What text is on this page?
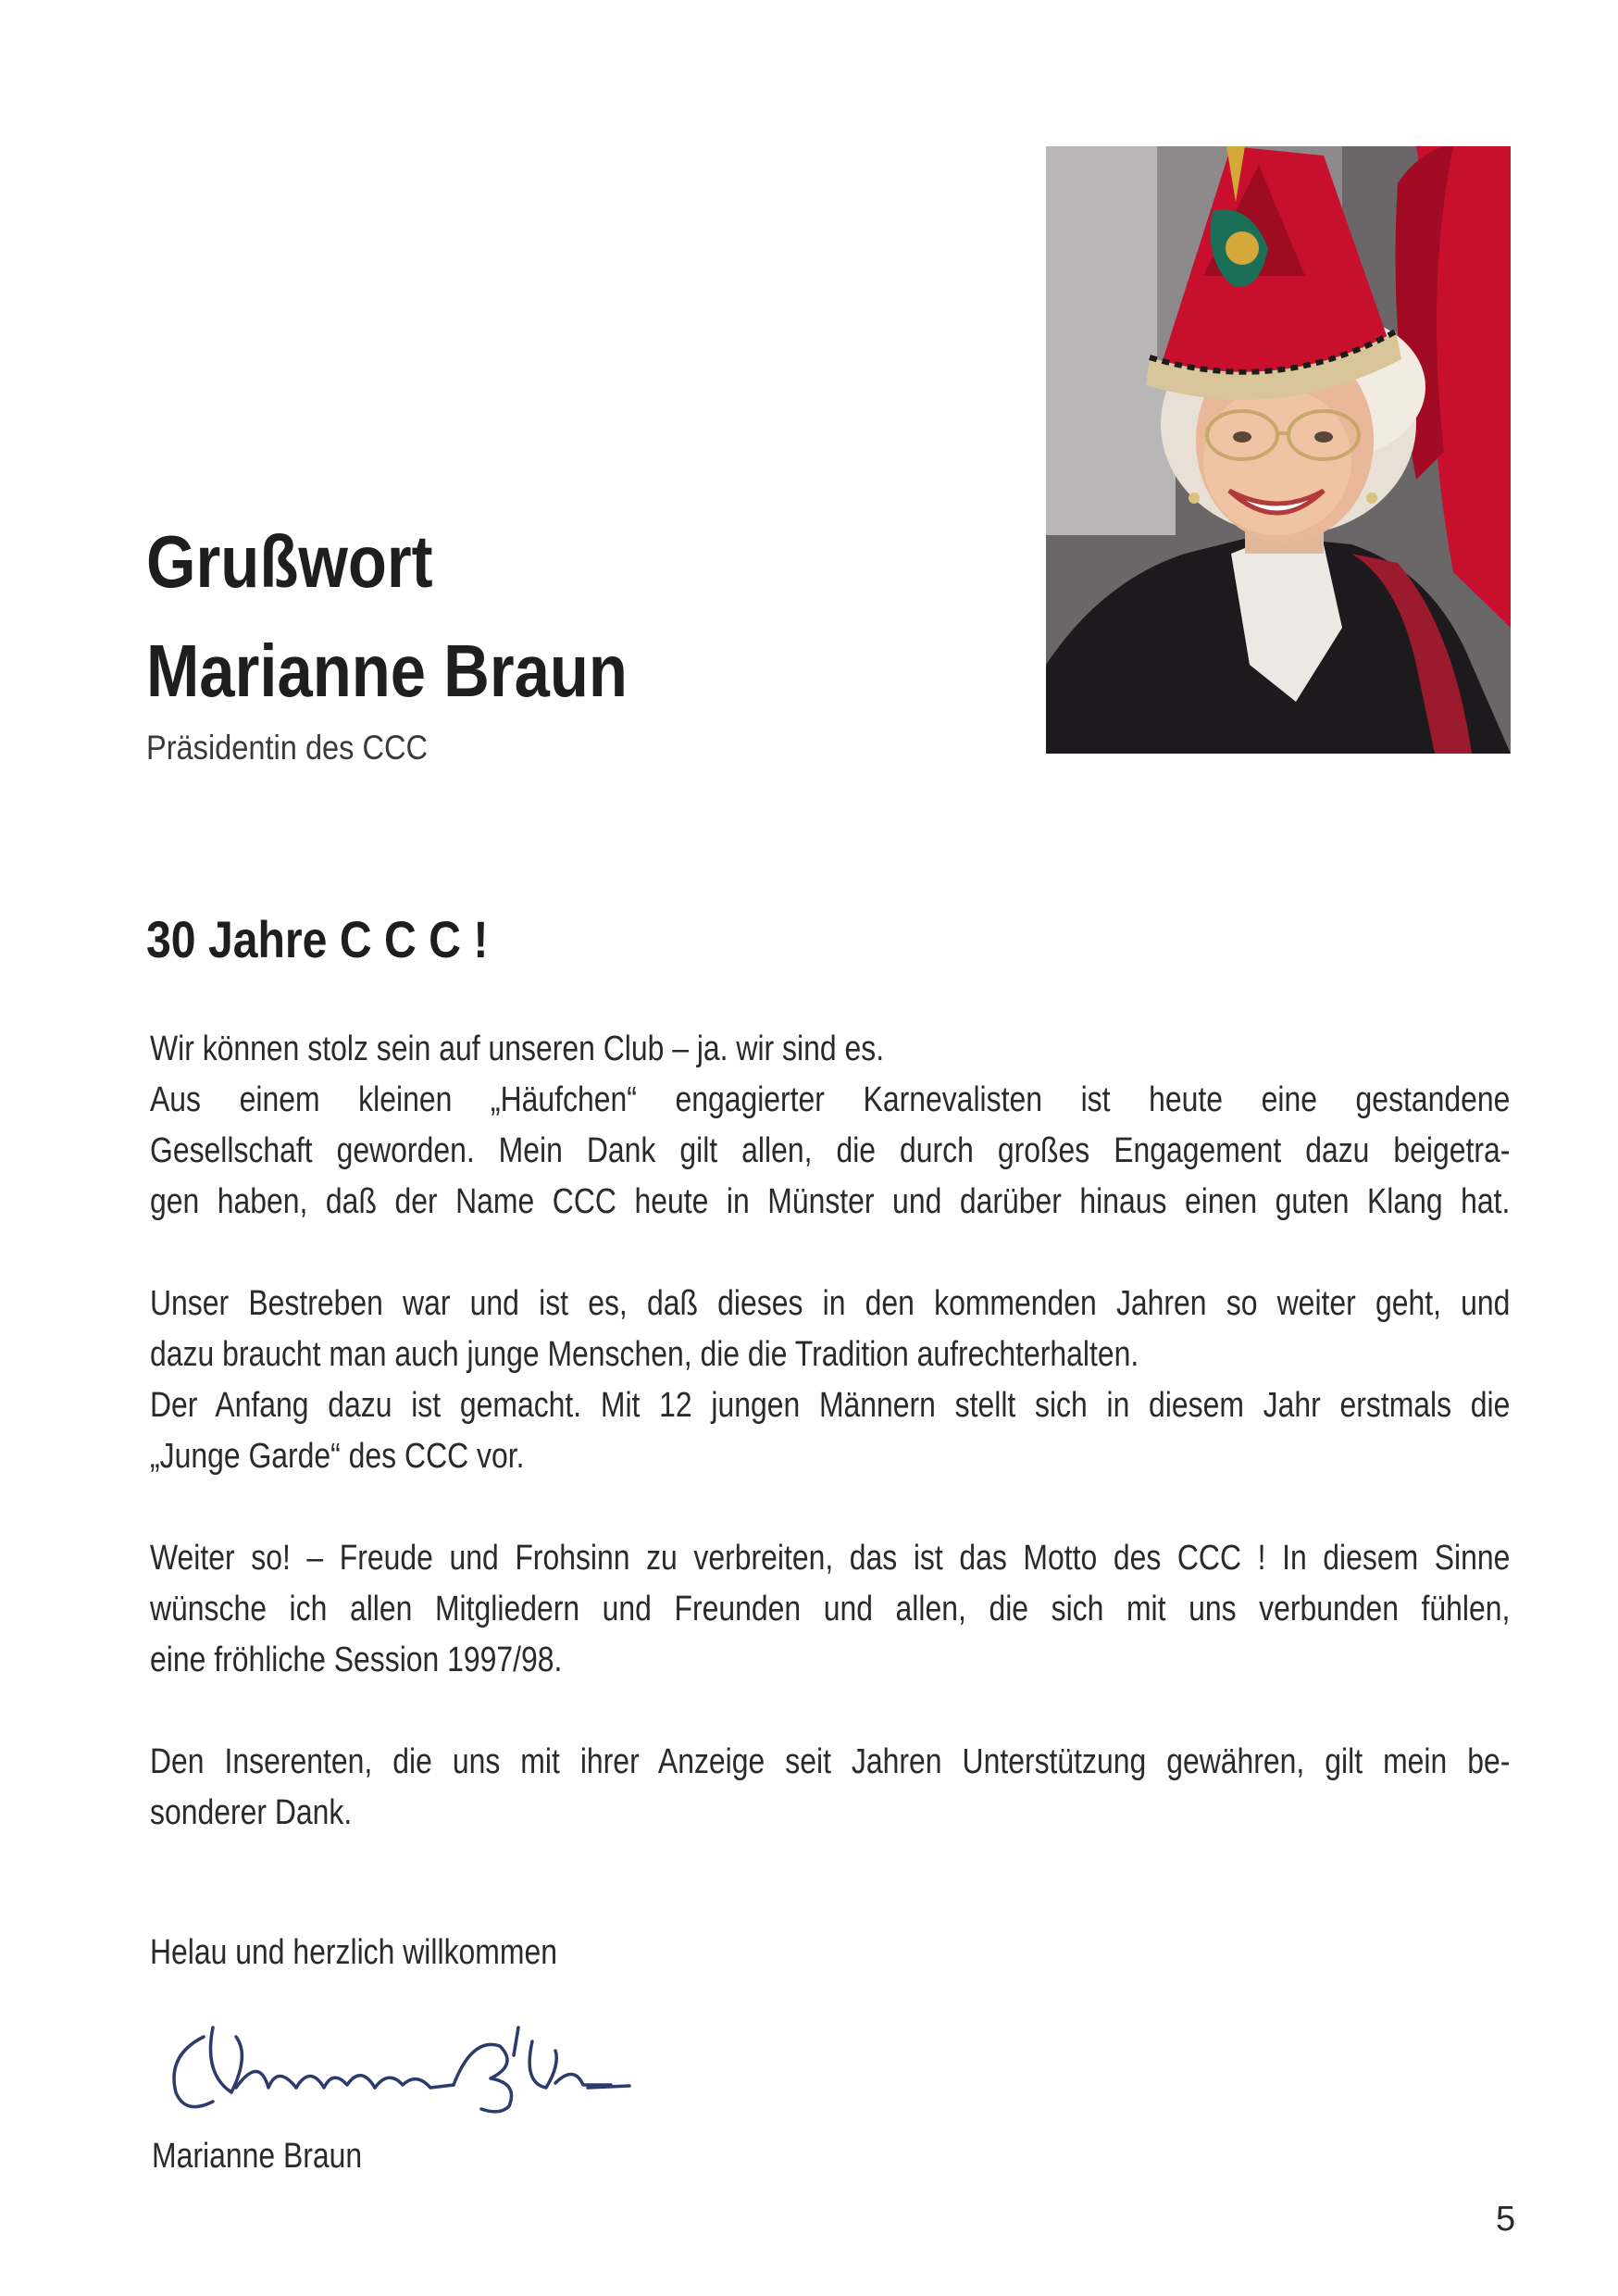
Grußwort
Marianne Braun
Präsidentin des CCC
30 Jahre C C C !
Wir können stolz sein auf unseren Club – ja. wir sind es.
Aus einem kleinen „Häufchen“ engagierter Karnevalisten ist heute eine gestandene
Gesellschaft geworden. Mein Dank gilt allen, die durch großes Engagement dazu beigetra-
gen haben, daß der Name CCC heute in Münster und darüber hinaus einen guten Klang hat.
Unser Bestreben war und ist es, daß dieses in den kommenden Jahren so weiter geht, und
dazu braucht man auch junge Menschen, die die Tradition aufrechterhalten.
Der Anfang dazu ist gemacht. Mit 12 jungen Männern stellt sich in diesem Jahr erstmals die
„Junge Garde“ des CCC vor.
Weiter so! – Freude und Frohsinn zu verbreiten, das ist das Motto des CCC ! In diesem Sinne
wünsche ich allen Mitgliedern und Freunden und allen, die sich mit uns verbunden fühlen,
eine fröhliche Session 1997/98.
Den Inserenten, die uns mit ihrer Anzeige seit Jahren Unterstützung gewähren, gilt mein be-
sonderer Dank.
Helau und herzlich willkommen
Marianne Braun
5
